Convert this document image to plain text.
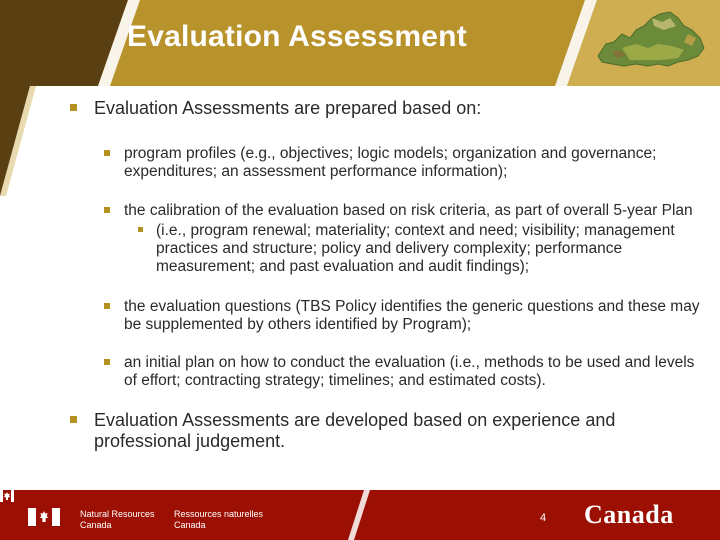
Evaluation Assessment

Evaluation Assessments are prepared based on:

program profiles (e.g., objectives; logic models; organization and governance; expenditures; an assessment performance information);

the calibration of the evaluation based on risk criteria, as part of overall 5-year Plan

(i.e., program renewal; materiality; context and need; visibility; management practices and structure; policy and delivery complexity; performance measurement; and past evaluation and audit findings);

the evaluation questions (TBS Policy identifies the generic questions and these may be supplemented by others identified by Program);

an initial plan on how to conduct the evaluation (i.e., methods to be used and levels of effort; contracting strategy; timelines; and estimated costs).

Evaluation Assessments are developed based on experience and professional judgement.

Natural Resources
Canada
Ressources naturelles
Canada
4 Canada
